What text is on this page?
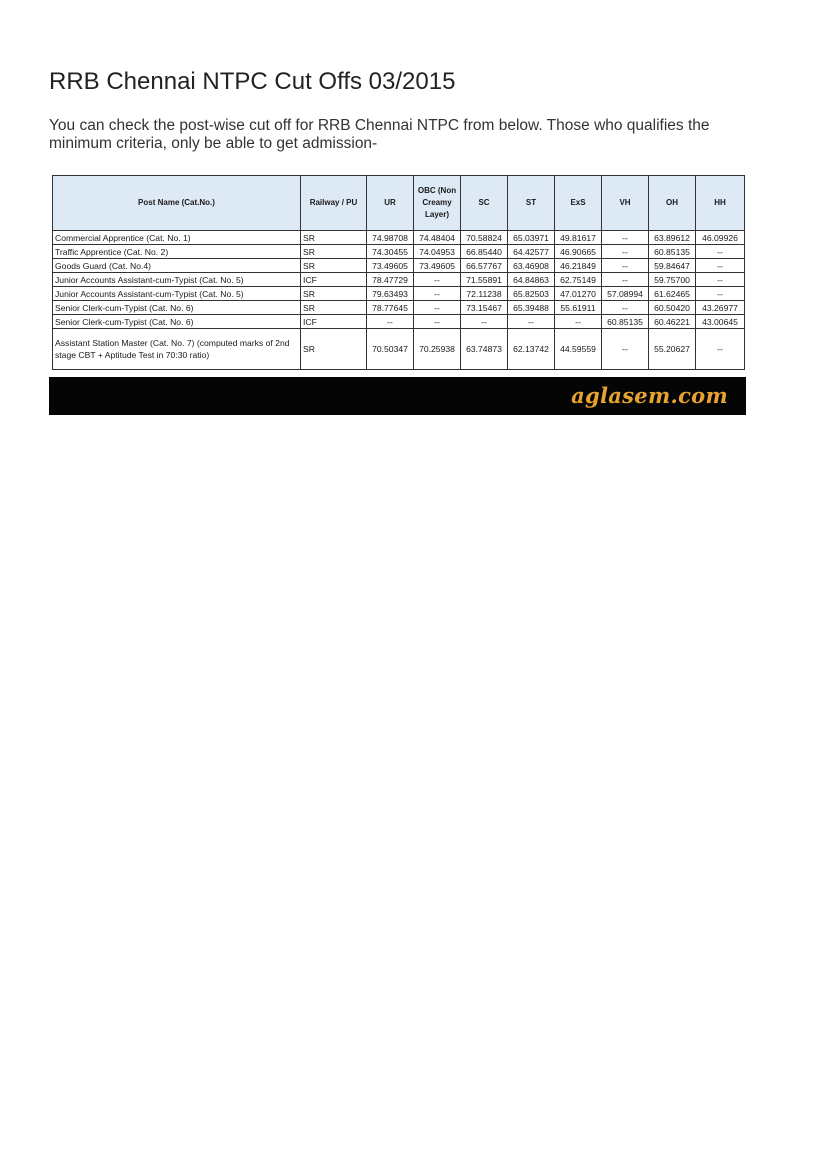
RRB Chennai NTPC Cut Offs 03/2015

You can check the post-wise cut off for RRB Chennai NTPC from below. Those who qualifies the minimum criteria, only be able to get admission-

Post Name (Cat.No.)	Railway / PU	UR	OBC (Non Creamy Layer)	SC	ST	ExS	VH	OH	HH
Commercial Apprentice (Cat. No. 1)	SR	74.98708	74.48404	70.58824	65.03971	49.81617	--	63.89612	46.09926
Traffic Apprentice (Cat. No. 2)	SR	74.30455	74.04953	66.85440	64.42577	46.90665	--	60.85135	--
Goods Guard (Cat. No.4)	SR	73.49605	73.49605	66.57767	63.46908	46.21849	--	59.84647	--
Junior Accounts Assistant-cum-Typist (Cat. No. 5)	ICF	78.47729	--	71.55891	64.84863	62.75149	--	59.75700	--
Junior Accounts Assistant-cum-Typist (Cat. No. 5)	SR	79.63493	--	72.11238	65.82503	47.01270	57.08994	61.62465	--
Senior Clerk-cum-Typist (Cat. No. 6)	SR	78.77645	--	73.15467	65.39488	55.61911	--	60.50420	43.26977
Senior Clerk-cum-Typist (Cat. No. 6)	ICF	--	--	--	--	--	60.85135	60.46221	43.00645
Assistant Station Master (Cat. No. 7) (computed marks of 2nd stage CBT + Aptitude Test in 70:30 ratio)	SR	70.50347	70.25938	63.74873	62.13742	44.59559	--	55.20627	--
aglasem.com
